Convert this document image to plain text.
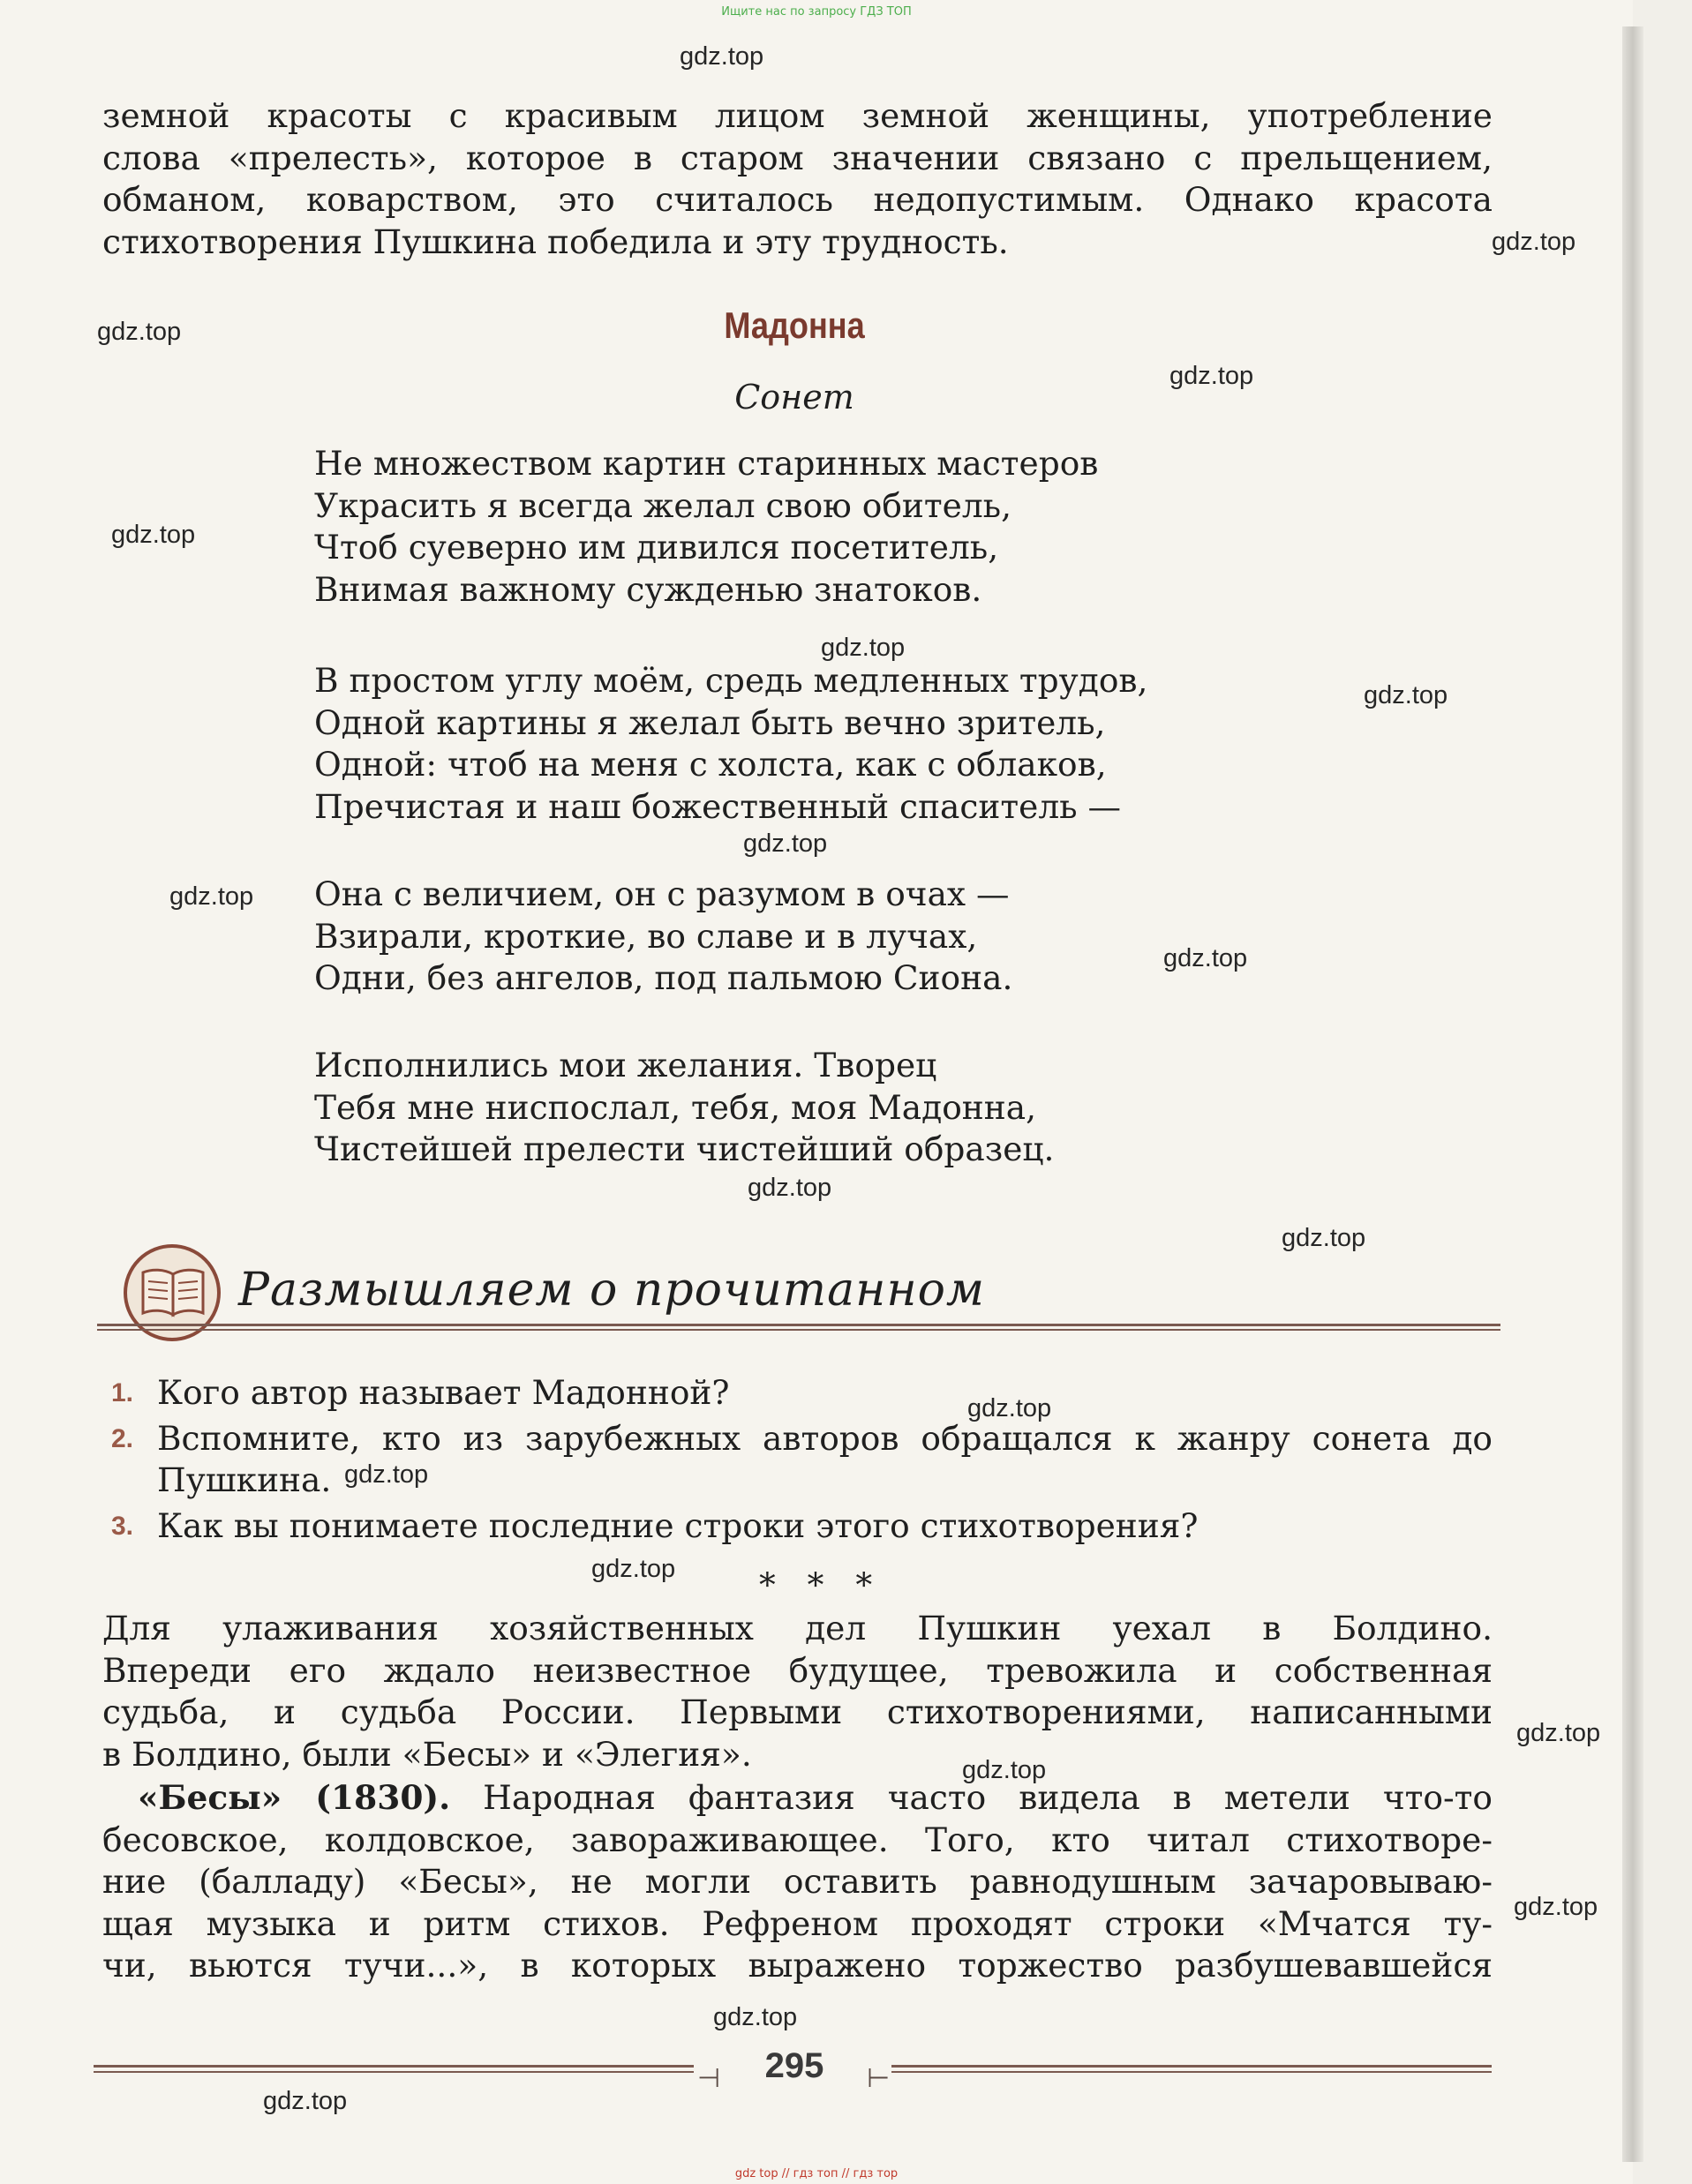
Ищите нас по запросу ГДЗ ТОП
gdz.top
gdz.top
gdz.top
gdz.top
gdz.top
gdz.top
gdz.top
gdz.top
gdz.top
gdz.top
gdz.top
gdz.top
gdz.top
gdz.top
gdz.top
gdz.top
gdz.top
gdz.top
gdz.top
gdz.top
земной красоты с красивым лицом земной женщины, употребление
слова «прелесть», которое в старом значении связано с прельщением,
обманом, коварством, это считалось недопустимым. Однако красота
стихотворения Пушкина победила и эту трудность.
Мадонна
Сонет
Не множеством картин старинных мастеров
Украсить я всегда желал свою обитель,
Чтоб суеверно им дивился посетитель,
Внимая важному сужденью знатоков.
В простом углу моём, средь медленных трудов,
Одной картины я желал быть вечно зритель,
Одной: чтоб на меня с холста, как с облаков,
Пречистая и наш божественный спаситель —
Она с величием, он с разумом в очах —
Взирали, кроткие, во славе и в лучах,
Одни, без ангелов, под пальмою Сиона.
Исполнились мои желания. Творец
Тебя мне ниспослал, тебя, моя Мадонна,
Чистейшей прелести чистейший образец.
Размышляем о прочитанном
1. Кого автор называет Мадонной?
2. Вспомните, кто из зарубежных авторов обращался к жанру сонета до
Пушкина.
3. Как вы понимаете последние строки этого стихотворения?
* * *
Для улаживания хозяйственных дел Пушкин уехал в Болдино.
Впереди его ждало неизвестное будущее, тревожила и собственная
судьба, и судьба России. Первыми стихотворениями, написанными
в Болдино, были «Бесы» и «Элегия».
«Бесы» (1830). Народная фантазия часто видела в метели что-то
бесовское, колдовское, завораживающее. Того, кто читал стихотворе-
ние (балладу) «Бесы», не могли оставить равнодушным зачаровываю-
щая музыка и ритм стихов. Рефреном проходят строки «Мчатся ту-
чи, вьются тучи...», в которых выражено торжество разбушевавшейся
⊣	295	⊢
gdz top // гдз топ // гдз тор
